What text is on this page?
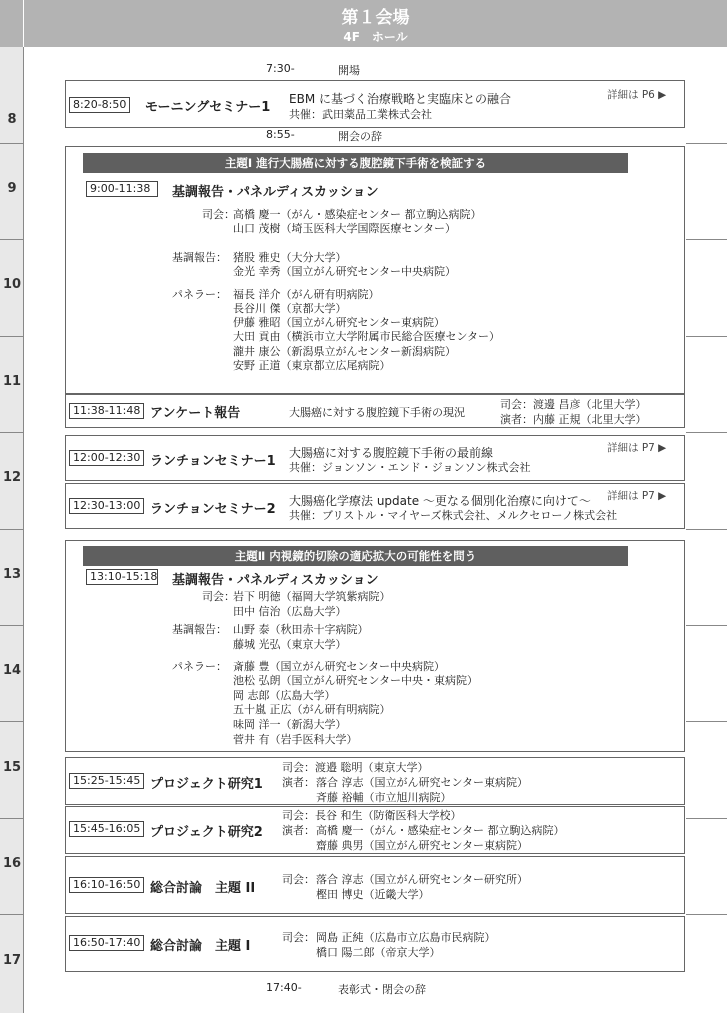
第１会場
4F　ホール
8
9
10
11
12
13
14
15
16
17
7:30-	開場
8:20-8:50	モーニングセミナー1
EBM に基づく治療戦略と実臨床との融合
共催：武田薬品工業株式会社
詳細は P6 ▶
8:55-	開会の辞
主題Ⅰ 進行大腸癌に対する腹腔鏡下手術を検証する
9:00-11:38	基調報告・パネルディスカッション
司会：
高橋 慶一（がん・感染症センター 都立駒込病院）
山口 茂樹（埼玉医科大学国際医療センター）
基調報告： 猪股 雅史（大分大学）
金光 幸秀（国立がん研究センター中央病院）
パネラー： 福長 洋介（がん研有明病院）
長谷川 傑（京都大学）
伊藤 雅昭（国立がん研究センター東病院）
大田 貢由（横浜市立大学附属市民総合医療センター）
瀧井 康公（新潟県立がんセンター新潟病院）
安野 正道（東京都立広尾病院）
11:38-11:48 アンケート報告	大腸癌に対する腹腔鏡下手術の現況
司会：渡邊 昌彦（北里大学）
演者：内藤 正規（北里大学）
12:00-12:30 ランチョンセミナー1
大腸癌に対する腹腔鏡下手術の最前線
共催：ジョンソン・エンド・ジョンソン株式会社
詳細は P7 ▶
12:30-13:00 ランチョンセミナー2
大腸癌化学療法 update 〜更なる個別化治療に向けて〜
共催：ブリストル・マイヤーズ株式会社、メルクセローノ株式会社
詳細は P7 ▶
主題Ⅱ 内視鏡的切除の適応拡大の可能性を問う
13:10-15:18 基調報告・パネルディスカッション
司会：
岩下 明徳（福岡大学筑紫病院）
田中 信治（広島大学）
基調報告： 山野 泰（秋田赤十字病院）
藤城 光弘（東京大学）
パネラー： 斎藤 豊（国立がん研究センター中央病院）
池松 弘朗（国立がん研究センター中央・東病院）
岡 志郎（広島大学）
五十嵐 正広（がん研有明病院）
味岡 洋一（新潟大学）
菅井 有（岩手医科大学）
15:25-15:45 プロジェクト研究1
司会：渡邉 聡明（東京大学）
演者： 落合 淳志（国立がん研究センター東病院）
斉藤 裕輔（市立旭川病院）
15:45-16:05 プロジェクト研究2
司会：長谷 和生（防衛医科大学校）
演者： 高橋 慶一（がん・感染症センター 都立駒込病院）
齋藤 典男（国立がん研究センター東病院）
16:10-16:50 総合討論　主題 II
司会： 落合 淳志（国立がん研究センター研究所）
樫田 博史（近畿大学）
16:50-17:40 総合討論　主題 I
司会： 岡島 正純（広島市立広島市民病院）
橋口 陽二郎（帝京大学）
17:40-	表彰式・閉会の辞
